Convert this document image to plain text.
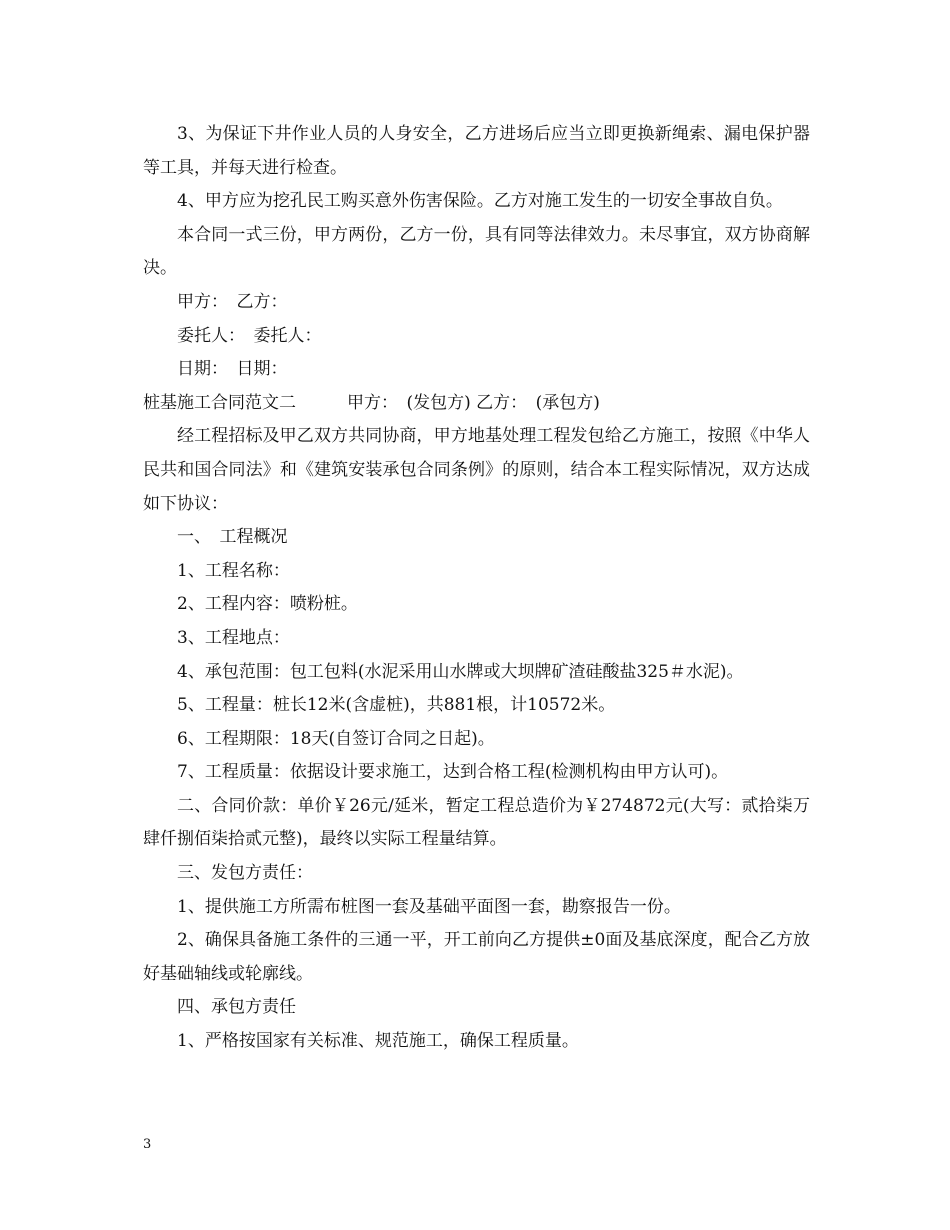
3、为保证下井作业人员的人身安全，乙方进场后应当立即更换新绳索、漏电保护器等工具，并每天进行检查。

4、甲方应为挖孔民工购买意外伤害保险。乙方对施工发生的一切安全事故自负。

本合同一式三份，甲方两份，乙方一份，具有同等法律效力。未尽事宜，双方协商解决。

甲方：　乙方：

委托人：　委托人：

日期：　日期：

桩基施工合同范文二　　　甲方：　(发包方) 乙方：　(承包方)

经工程招标及甲乙双方共同协商，甲方地基处理工程发包给乙方施工，按照《中华人民共和国合同法》和《建筑安装承包合同条例》的原则，结合本工程实际情况，双方达成如下协议：

一、　工程概况

1、工程名称：

2、工程内容：喷粉桩。

3、工程地点：

4、承包范围：包工包料(水泥采用山水牌或大坝牌矿渣硅酸盐325＃水泥)。

5、工程量：桩长12米(含虚桩)，共881根，计10572米。

6、工程期限：18天(自签订合同之日起)。

7、工程质量：依据设计要求施工，达到合格工程(检测机构由甲方认可)。

二、合同价款：单价￥26元/延米，暂定工程总造价为￥274872元(大写：贰拾柒万肆仟捌佰柒拾贰元整)，最终以实际工程量结算。

三、发包方责任：

1、提供施工方所需布桩图一套及基础平面图一套，勘察报告一份。

2、确保具备施工条件的三通一平，开工前向乙方提供±0面及基底深度，配合乙方放好基础轴线或轮廓线。

四、承包方责任

1、严格按国家有关标准、规范施工，确保工程质量。

3
